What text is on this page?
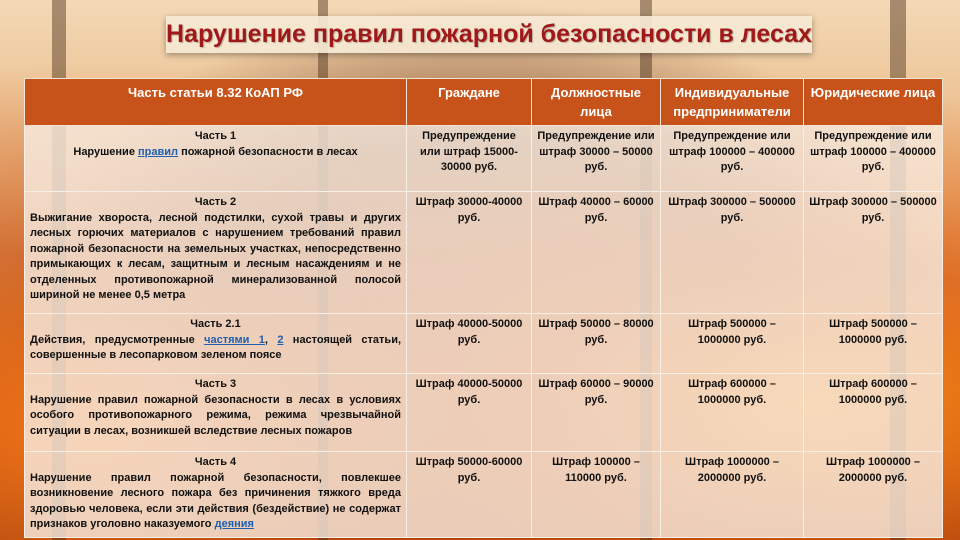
Нарушение правил пожарной безопасности в лесах
Часть статьи 8.32 КоАП РФ	Граждане	Должностные лица	Индивидуальные предприниматели	Юридические лица

Часть 1
Нарушение правил пожарной безопасности в лесах	Предупреждение или штраф 15000-30000 руб.	Предупреждение или штраф 30000 – 50000 руб.	Предупреждение или штраф 100000 – 400000 руб.	Предупреждение или штраф 100000 – 400000 руб.

Часть 2
Выжигание хвороста, лесной подстилки, сухой травы и других лесных горючих материалов с нарушением требований правил пожарной безопасности на земельных участках, непосредственно примыкающих к лесам, защитным и лесным насаждениям и не отделенных противопожарной минерализованной полосой шириной не менее 0,5 метра	Штраф 30000-40000 руб.	Штраф 40000 – 60000 руб.	Штраф 300000 – 500000 руб.	Штраф 300000 – 500000 руб.

Часть 2.1
Действия, предусмотренные частями 1, 2 настоящей статьи, совершенные в лесопарковом зеленом поясе	Штраф 40000-50000 руб.	Штраф 50000 – 80000 руб.	Штраф 500000 – 1000000 руб.	Штраф 500000 – 1000000 руб.

Часть 3
Нарушение правил пожарной безопасности в лесах в условиях особого противопожарного режима, режима чрезвычайной ситуации в лесах, возникшей вследствие лесных пожаров	Штраф 40000-50000 руб.	Штраф 60000 – 90000 руб.	Штраф 600000 – 1000000 руб.	Штраф 600000 – 1000000 руб.

Часть 4
Нарушение правил пожарной безопасности, повлекшее возникновение лесного пожара без причинения тяжкого вреда здоровью человека, если эти действия (бездействие) не содержат признаков уголовно наказуемого деяния	Штраф 50000-60000 руб.	Штраф 100000 – 110000 руб.	Штраф 1000000 – 2000000 руб.	Штраф 1000000 – 2000000 руб.
